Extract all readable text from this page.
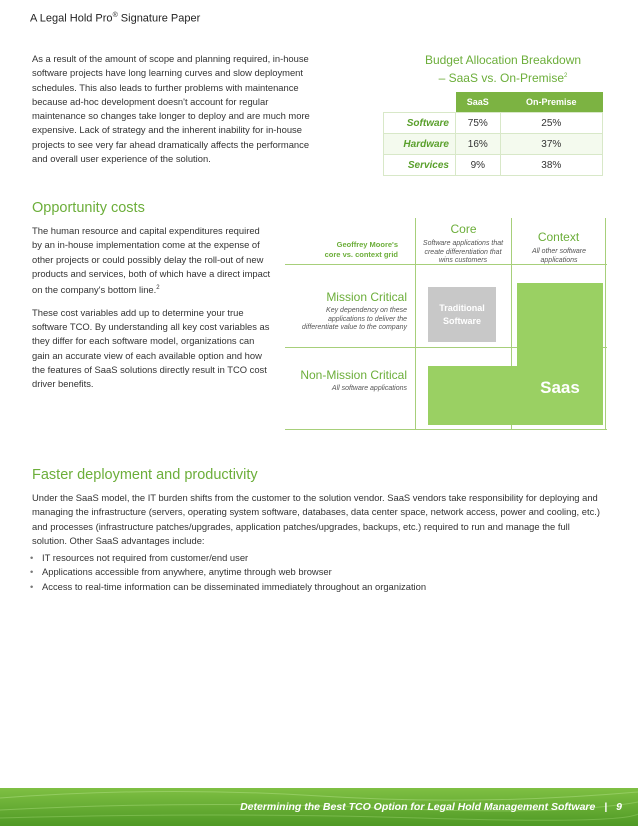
A Legal Hold Pro® Signature Paper
As a result of the amount of scope and planning required, in-house software projects have long learning curves and slow deployment schedules. This also leads to further problems with maintenance because ad-hoc development doesn't account for regular maintenance so changes take longer to deploy and are much more expensive. Lack of strategy and the inherent inability for in-house projects to see very far ahead dramatically affects the performance and overall user experience of the solution.
Budget Allocation Breakdown
– SaaS vs. On-Premise$^2$
	SaaS	On-Premise
Software	75%	25%
Hardware	16%	37%
Services	9%	38%
Opportunity costs

The human resource and capital expenditures required by an in-house implementation come at the expense of other projects or could possibly delay the roll-out of new products and services, both of which have a direct impact on the company's bottom line.$^2$

These cost variables add up to determine your true software TCO. By understanding all key cost variables as they differ for each software model, organizations can gain an accurate view of each available option and how the features of SaaS solutions directly result in TCO cost driver benefits.

Geoffrey Moore's
core vs. context grid
Core
Software applications that create differentiation that wins customers
Context
All other software applications
Mission Critical
Key dependency on these applications to deliver the differentiate value to the company
Non-Mission Critical
All software applications	Saas
Traditional Software
Faster deployment and productivity
Under the SaaS model, the IT burden shifts from the customer to the solution vendor. SaaS vendors take responsibility for deploying and managing the infrastructure (servers, operating system software, databases, data center space, network access, power and cooling, etc.) and processes (infrastructure patches/upgrades, application patches/upgrades, backups, etc.) required to run and manage the full solution. Other SaaS advantages include:
• IT resources not required from customer/end user
• Applications accessible from anywhere, anytime through web browser
• Access to real-time information can be disseminated immediately throughout an organization
Determining the Best TCO Option for Legal Hold Management Software | 9
